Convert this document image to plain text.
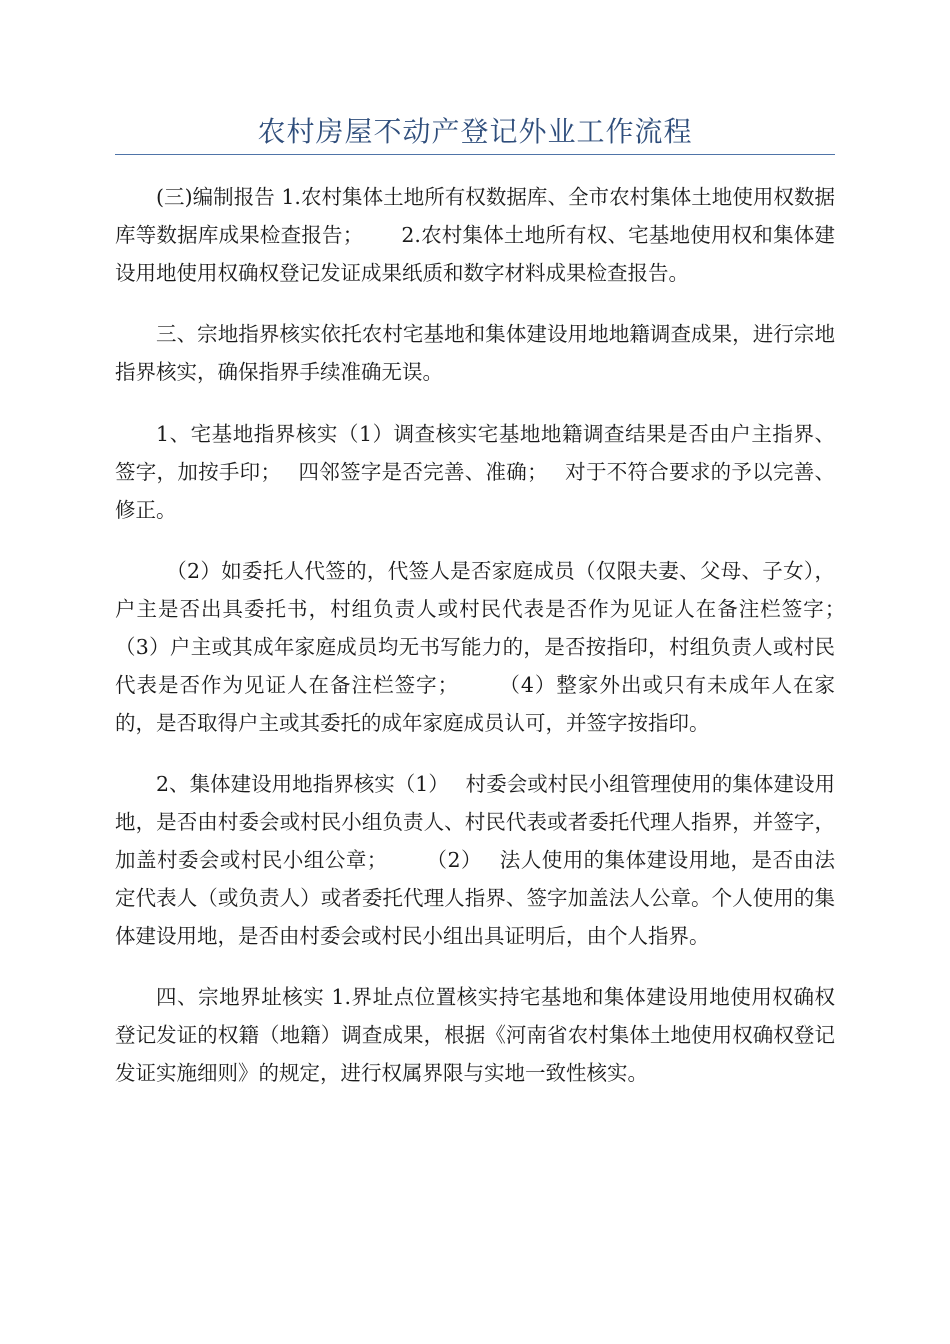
农村房屋不动产登记外业工作流程

(三)编制报告 1.农村集体土地所有权数据库、全市农村集体土地使用权数据库等数据库成果检查报告；　　 2.农村集体土地所有权、宅基地使用权和集体建设用地使用权确权登记发证成果纸质和数字材料成果检查报告。

三、宗地指界核实依托农村宅基地和集体建设用地地籍调查成果，进行宗地指界核实，确保指界手续准确无误。

1、宅基地指界核实（1）调查核实宅基地地籍调查结果是否由户主指界、签字，加按手印；　 四邻签字是否完善、准确；　 对于不符合要求的予以完善、修正。

（2）如委托人代签的，代签人是否家庭成员（仅限夫妻、父母、子女），户主是否出具委托书，村组负责人或村民代表是否作为见证人在备注栏签字；　　 （3）户主或其成年家庭成员均无书写能力的，是否按指印，村组负责人或村民代表是否作为见证人在备注栏签字；　　 （4）整家外出或只有未成年人在家的，是否取得户主或其委托的成年家庭成员认可，并签字按指印。

2、集体建设用地指界核实（1）　 村委会或村民小组管理使用的集体建设用地，是否由村委会或村民小组负责人、村民代表或者委托代理人指界，并签字，加盖村委会或村民小组公章；　　 （2）　 法人使用的集体建设用地，是否由法定代表人（或负责人）或者委托代理人指界、签字加盖法人公章。个人使用的集体建设用地，是否由村委会或村民小组出具证明后，由个人指界。

四、宗地界址核实 1.界址点位置核实持宅基地和集体建设用地使用权确权登记发证的权籍（地籍）调查成果，根据《河南省农村集体土地使用权确权登记发证实施细则》的规定，进行权属界限与实地一致性核实。
